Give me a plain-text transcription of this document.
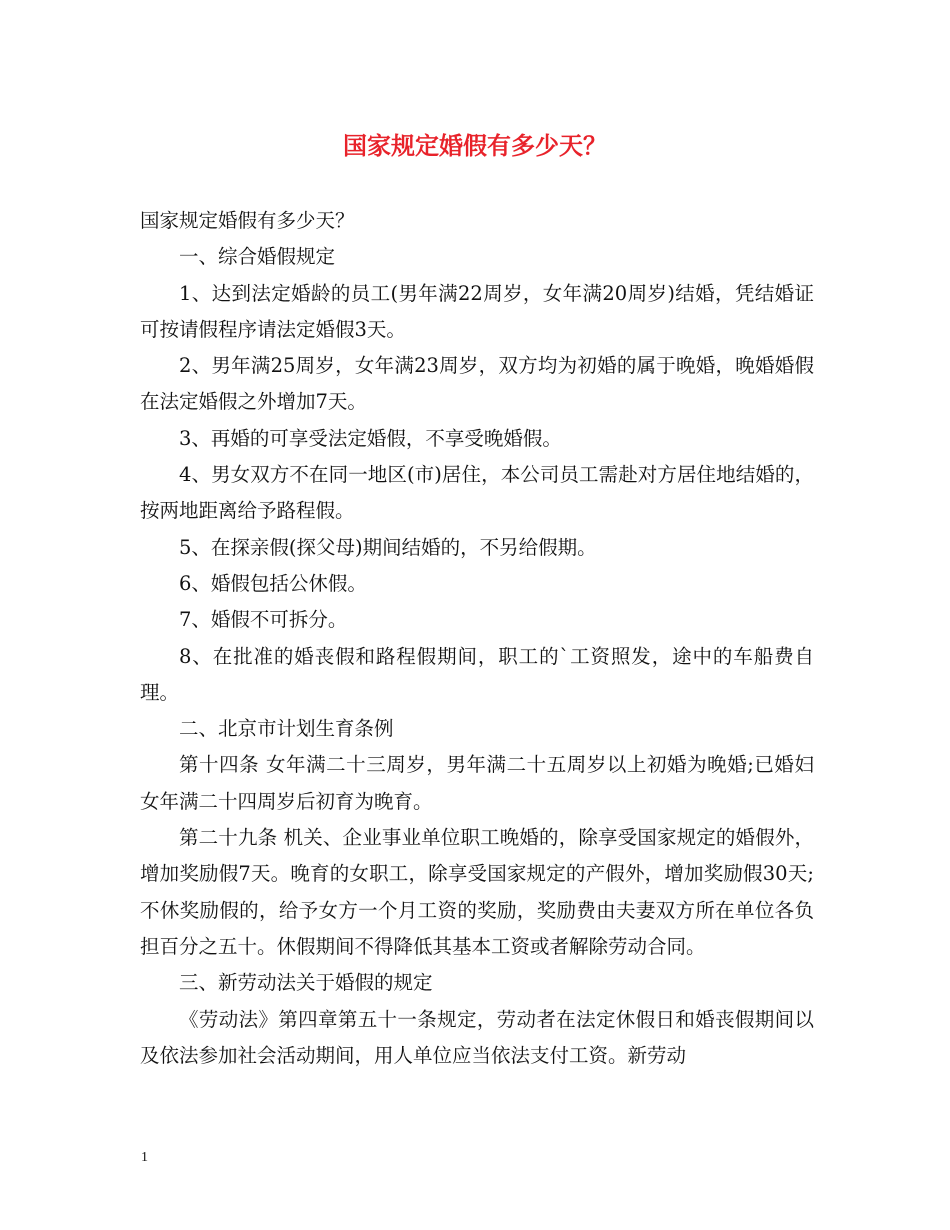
国家规定婚假有多少天？

国家规定婚假有多少天？

一、综合婚假规定

1、达到法定婚龄的员工(男年满22周岁，女年满20周岁)结婚，凭结婚证可按请假程序请法定婚假3天。

2、男年满25周岁，女年满23周岁，双方均为初婚的属于晚婚，晚婚婚假在法定婚假之外增加7天。

3、再婚的可享受法定婚假，不享受晚婚假。

4、男女双方不在同一地区(市)居住，本公司员工需赴对方居住地结婚的，按两地距离给予路程假。

5、在探亲假(探父母)期间结婚的，不另给假期。

6、婚假包括公休假。

7、婚假不可拆分。

8、在批准的婚丧假和路程假期间，职工的`工资照发，途中的车船费自理。

二、北京市计划生育条例

第十四条 女年满二十三周岁，男年满二十五周岁以上初婚为晚婚;已婚妇女年满二十四周岁后初育为晚育。

第二十九条 机关、企业事业单位职工晚婚的，除享受国家规定的婚假外，增加奖励假7天。晚育的女职工，除享受国家规定的产假外，增加奖励假30天;不休奖励假的，给予女方一个月工资的奖励，奖励费由夫妻双方所在单位各负担百分之五十。休假期间不得降低其基本工资或者解除劳动合同。

三、新劳动法关于婚假的规定

《劳动法》第四章第五十一条规定，劳动者在法定休假日和婚丧假期间以及依法参加社会活动期间，用人单位应当依法支付工资。新劳动

1
